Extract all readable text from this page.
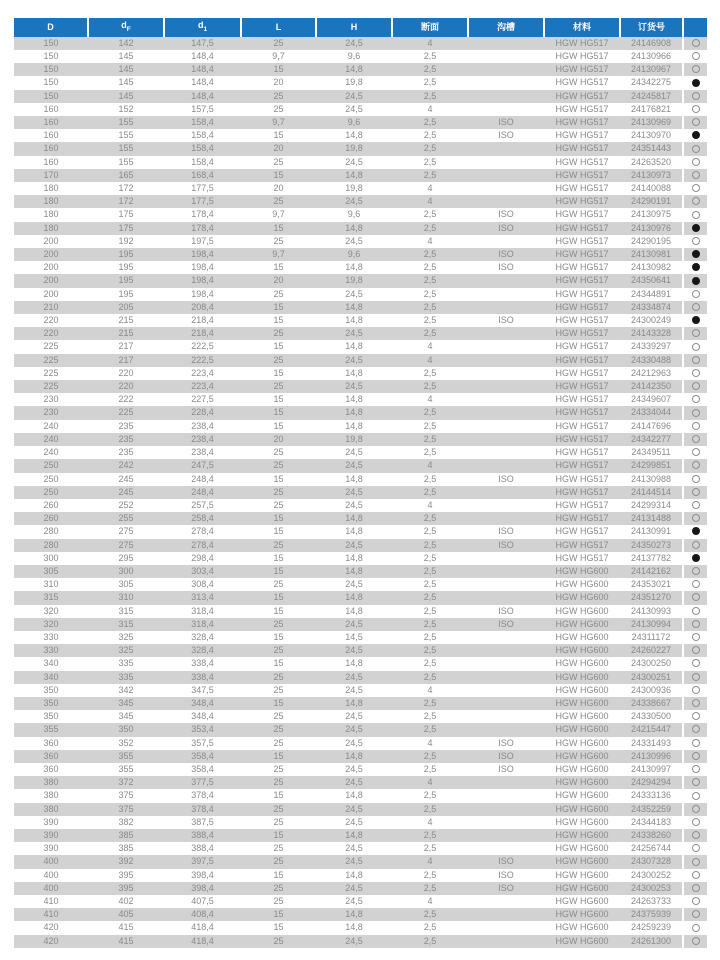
D	$d_F$	$d_1$	L	H	断面	沟槽	材料	订货号	
150	142	147,5	25	24,5	4		HGW HG517	24146908	
150	145	148,4	9,7	9,6	2,5		HGW HG517	24130966	
150	145	148,4	15	14,8	2,5		HGW HG517	24130967	
150	145	148,4	20	19,8	2,5		HGW HG517	24342275	
150	145	148,4	25	24,5	2,5		HGW HG517	24245817	
160	152	157,5	25	24,5	4		HGW HG517	24176821	
160	155	158,4	9,7	9,6	2,5	ISO	HGW HG517	24130969	
160	155	158,4	15	14,8	2,5	ISO	HGW HG517	24130970	
160	155	158,4	20	19,8	2,5		HGW HG517	24351443	
160	155	158,4	25	24,5	2,5		HGW HG517	24263520	
170	165	168,4	15	14,8	2,5		HGW HG517	24130973	
180	172	177,5	20	19,8	4		HGW HG517	24140088	
180	172	177,5	25	24,5	4		HGW HG517	24290191	
180	175	178,4	9,7	9,6	2,5	ISO	HGW HG517	24130975	
180	175	178,4	15	14,8	2,5	ISO	HGW HG517	24130976	
200	192	197,5	25	24,5	4		HGW HG517	24290195	
200	195	198,4	9,7	9,6	2,5	ISO	HGW HG517	24130981	
200	195	198,4	15	14,8	2,5	ISO	HGW HG517	24130982	
200	195	198,4	20	19,8	2,5		HGW HG517	24350641	
200	195	198,4	25	24,5	2,5		HGW HG517	24344891	
210	205	208,4	15	14,8	2,5		HGW HG517	24334874	
220	215	218,4	15	14,8	2,5	ISO	HGW HG517	24300249	
220	215	218,4	25	24,5	2,5		HGW HG517	24143328	
225	217	222,5	15	14,8	4		HGW HG517	24339297	
225	217	222,5	25	24,5	4		HGW HG517	24330488	
225	220	223,4	15	14,8	2,5		HGW HG517	24212963	
225	220	223,4	25	24,5	2,5		HGW HG517	24142350	
230	222	227,5	15	14,8	4		HGW HG517	24349607	
230	225	228,4	15	14,8	2,5		HGW HG517	24334044	
240	235	238,4	15	14,8	2,5		HGW HG517	24147696	
240	235	238,4	20	19,8	2,5		HGW HG517	24342277	
240	235	238,4	25	24,5	2,5		HGW HG517	24349511	
250	242	247,5	25	24,5	4		HGW HG517	24299851	
250	245	248,4	15	14,8	2,5	ISO	HGW HG517	24130988	
250	245	248,4	25	24,5	2,5		HGW HG517	24144514	
260	252	257,5	25	24,5	4		HGW HG517	24299314	
260	255	258,4	15	14,8	2,5		HGW HG517	24131488	
280	275	278,4	15	14,8	2,5	ISO	HGW HG517	24130991	
280	275	278,4	25	24,5	2,5	ISO	HGW HG517	24350273	
300	295	298,4	15	14,8	2,5		HGW HG517	24137782	
305	300	303,4	15	14,8	2,5		HGW HG600	24142162	
310	305	308,4	25	24,5	2,5		HGW HG600	24353021	
315	310	313,4	15	14,8	2,5		HGW HG600	24351270	
320	315	318,4	15	14,8	2,5	ISO	HGW HG600	24130993	
320	315	318,4	25	24,5	2,5	ISO	HGW HG600	24130994	
330	325	328,4	15	14,5	2,5		HGW HG600	24311172	
330	325	328,4	25	24,5	2,5		HGW HG600	24260227	
340	335	338,4	15	14,8	2,5		HGW HG600	24300250	
340	335	338,4	25	24,5	2,5		HGW HG600	24300251	
350	342	347,5	25	24,5	4		HGW HG600	24300936	
350	345	348,4	15	14,8	2,5		HGW HG600	24338667	
350	345	348,4	25	24,5	2,5		HGW HG600	24330500	
355	350	353,4	25	24,5	2,5		HGW HG600	24215447	
360	352	357,5	25	24,5	4	ISO	HGW HG600	24331493	
360	355	358,4	15	14,8	2,5	ISO	HGW HG600	24130996	
360	355	358,4	25	24,5	2,5	ISO	HGW HG600	24130997	
380	372	377,5	25	24,5	4		HGW HG600	24294294	
380	375	378,4	15	14,8	2,5		HGW HG600	24333136	
380	375	378,4	25	24,5	2,5		HGW HG600	24352259	
390	382	387,5	25	24,5	4		HGW HG600	24344183	
390	385	388,4	15	14,8	2,5		HGW HG600	24338260	
390	385	388,4	25	24,5	2,5		HGW HG600	24256744	
400	392	397,5	25	24,5	4	ISO	HGW HG600	24307328	
400	395	398,4	15	14,8	2,5	ISO	HGW HG600	24300252	
400	395	398,4	25	24,5	2,5	ISO	HGW HG600	24300253	
410	402	407,5	25	24,5	4		HGW HG600	24263733	
410	405	408,4	15	14,8	2,5		HGW HG600	24375939	
420	415	418,4	15	14,8	2,5		HGW HG600	24259239	
420	415	418,4	25	24,5	2,5		HGW HG600	24261300	
